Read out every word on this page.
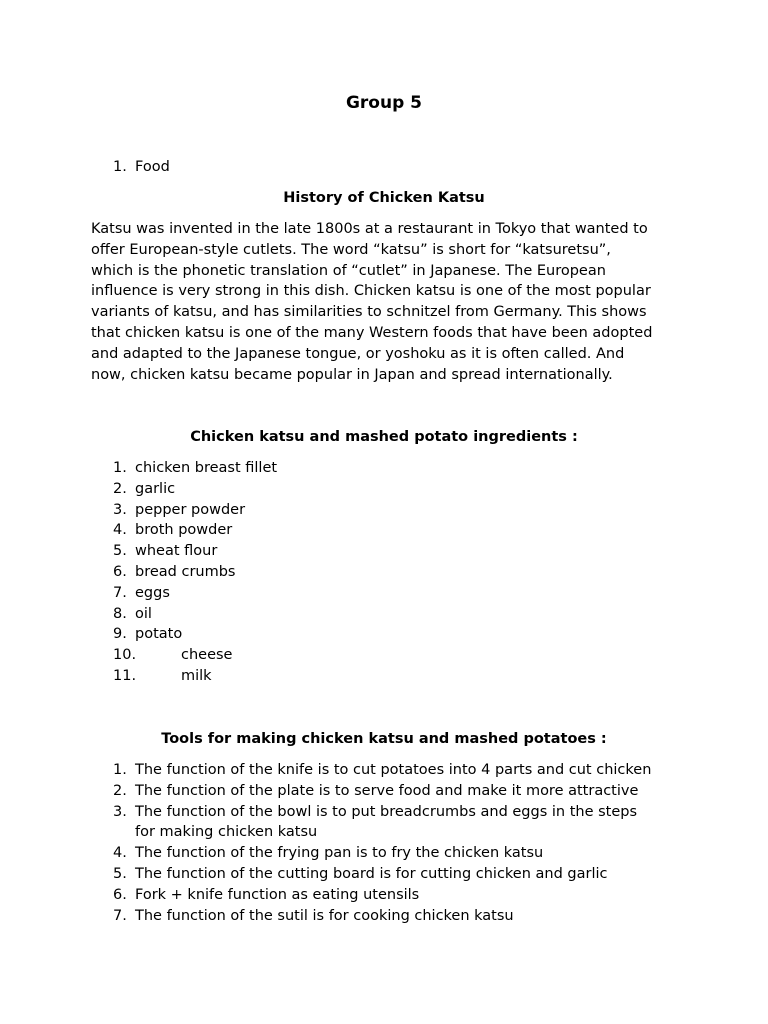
Group 5
1. Food
History of Chicken Katsu
Katsu was invented in the late 1800s at a restaurant in Tokyo that wanted to
offer European-style cutlets. The word “katsu” is short for “katsuretsu”,
which is the phonetic translation of “cutlet” in Japanese. The European
influence is very strong in this dish. Chicken katsu is one of the most popular
variants of katsu, and has similarities to schnitzel from Germany. This shows
that chicken katsu is one of the many Western foods that have been adopted
and adapted to the Japanese tongue, or yoshoku as it is often called. And
now, chicken katsu became popular in Japan and spread internationally.
Chicken katsu and mashed potato ingredients :
1. chicken breast fillet
2. garlic
3. pepper powder
4. broth powder
5. wheat flour
6. bread crumbs
7. eggs
8. oil
9. potato
10.	cheese
11.	milk
Tools for making chicken katsu and mashed potatoes :
1. The function of the knife is to cut potatoes into 4 parts and cut chicken
2. The function of the plate is to serve food and make it more attractive
3. The function of the bowl is to put breadcrumbs and eggs in the steps
for making chicken katsu
4. The function of the frying pan is to fry the chicken katsu
5. The function of the cutting board is for cutting chicken and garlic
6. Fork + knife function as eating utensils
7. The function of the sutil is for cooking chicken katsu
